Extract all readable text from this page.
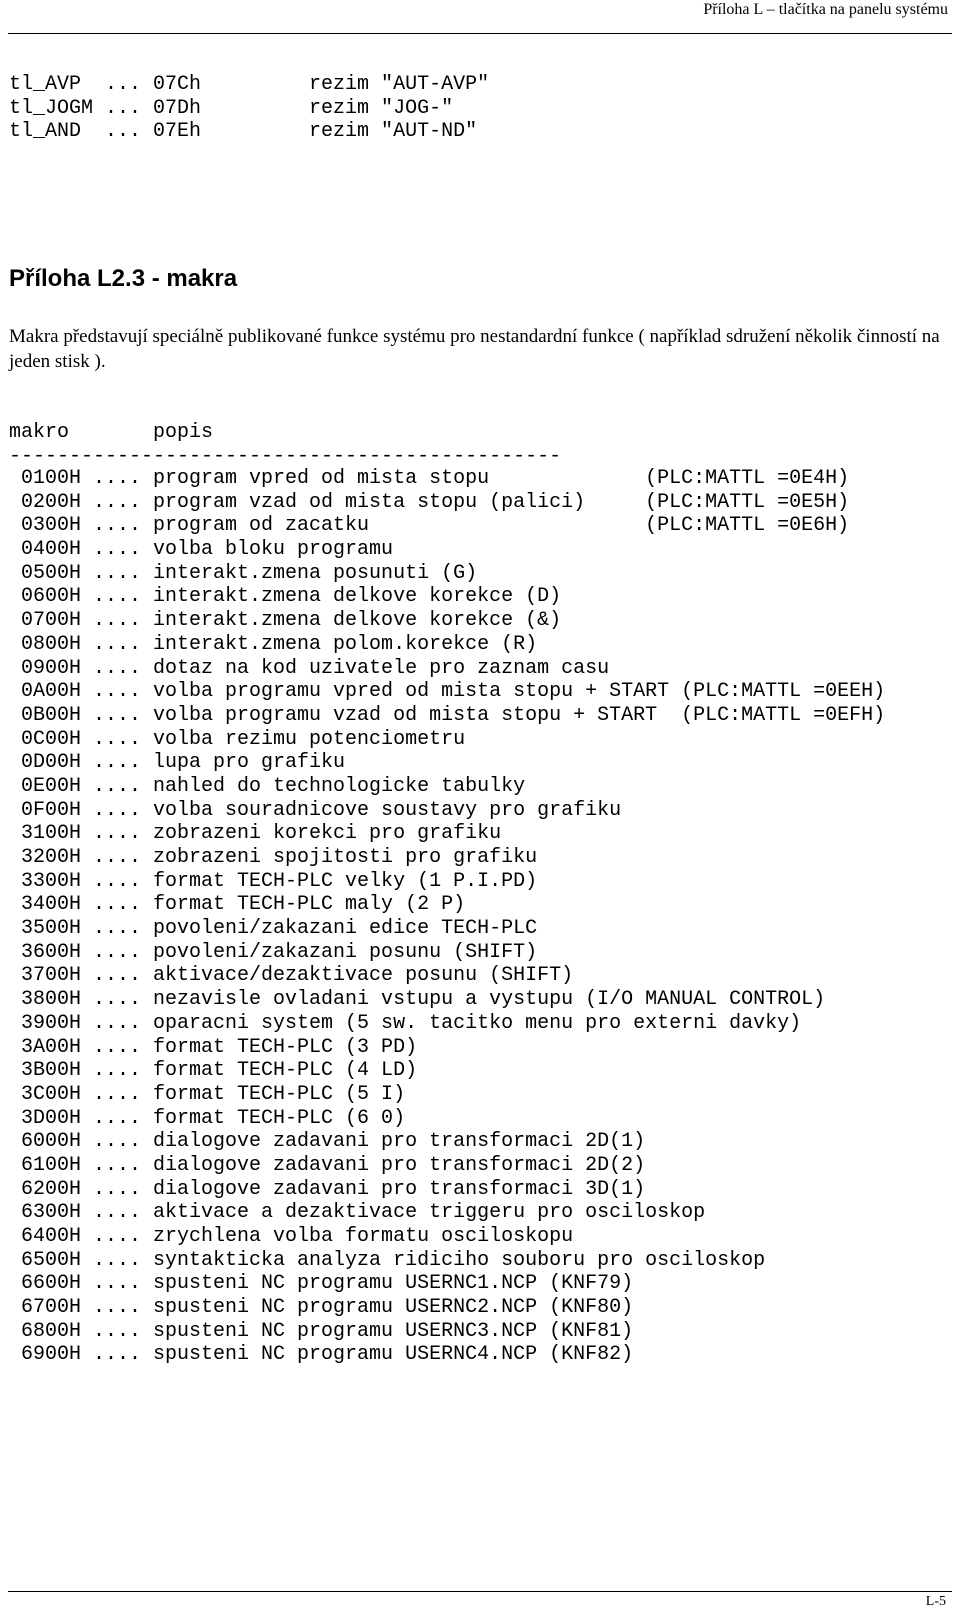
Příloha L – tlačítka na panelu systému
tl_AVP  ... 07Ch         rezim "AUT-AVP"
tl_JOGM ... 07Dh         rezim "JOG-"
tl_AND  ... 07Eh         rezim "AUT-ND"
Příloha L2.3 - makra
Makra představují speciálně publikované funkce systému pro nestandardní funkce ( například sdružení několik činností na jeden stisk ).
makro       popis
----------------------------------------------
0100H .... program vpred od mista stopu             (PLC:MATTL =0E4H)
0200H .... program vzad od mista stopu (palici)     (PLC:MATTL =0E5H)
0300H .... program od zacatku                       (PLC:MATTL =0E6H)
0400H .... volba bloku programu
0500H .... interakt.zmena posunuti (G)
0600H .... interakt.zmena delkove korekce (D)
0700H .... interakt.zmena delkove korekce (&)
0800H .... interakt.zmena polom.korekce (R)
0900H .... dotaz na kod uzivatele pro zaznam casu
0A00H .... volba programu vpred od mista stopu + START (PLC:MATTL =0EEH)
0B00H .... volba programu vzad od mista stopu + START  (PLC:MATTL =0EFH)
0C00H .... volba rezimu potenciometru
0D00H .... lupa pro grafiku
0E00H .... nahled do technologicke tabulky
0F00H .... volba souradnicove soustavy pro grafiku
3100H .... zobrazeni korekci pro grafiku
3200H .... zobrazeni spojitosti pro grafiku
3300H .... format TECH-PLC velky (1 P.I.PD)
3400H .... format TECH-PLC maly (2 P)
3500H .... povoleni/zakazani edice TECH-PLC
3600H .... povoleni/zakazani posunu (SHIFT)
3700H .... aktivace/dezaktivace posunu (SHIFT)
3800H .... nezavisle ovladani vstupu a vystupu (I/O MANUAL CONTROL)
3900H .... oparacni system (5 sw. tacitko menu pro externi davky)
3A00H .... format TECH-PLC (3 PD)
3B00H .... format TECH-PLC (4 LD)
3C00H .... format TECH-PLC (5 I)
3D00H .... format TECH-PLC (6 0)
6000H .... dialogove zadavani pro transformaci 2D(1)
6100H .... dialogove zadavani pro transformaci 2D(2)
6200H .... dialogove zadavani pro transformaci 3D(1)
6300H .... aktivace a dezaktivace triggeru pro osciloskop
6400H .... zrychlena volba formatu osciloskopu
6500H .... syntakticka analyza ridiciho souboru pro osciloskop
6600H .... spusteni NC programu USERNC1.NCP (KNF79)
6700H .... spusteni NC programu USERNC2.NCP (KNF80)
6800H .... spusteni NC programu USERNC3.NCP (KNF81)
6900H .... spusteni NC programu USERNC4.NCP (KNF82)
L-5
